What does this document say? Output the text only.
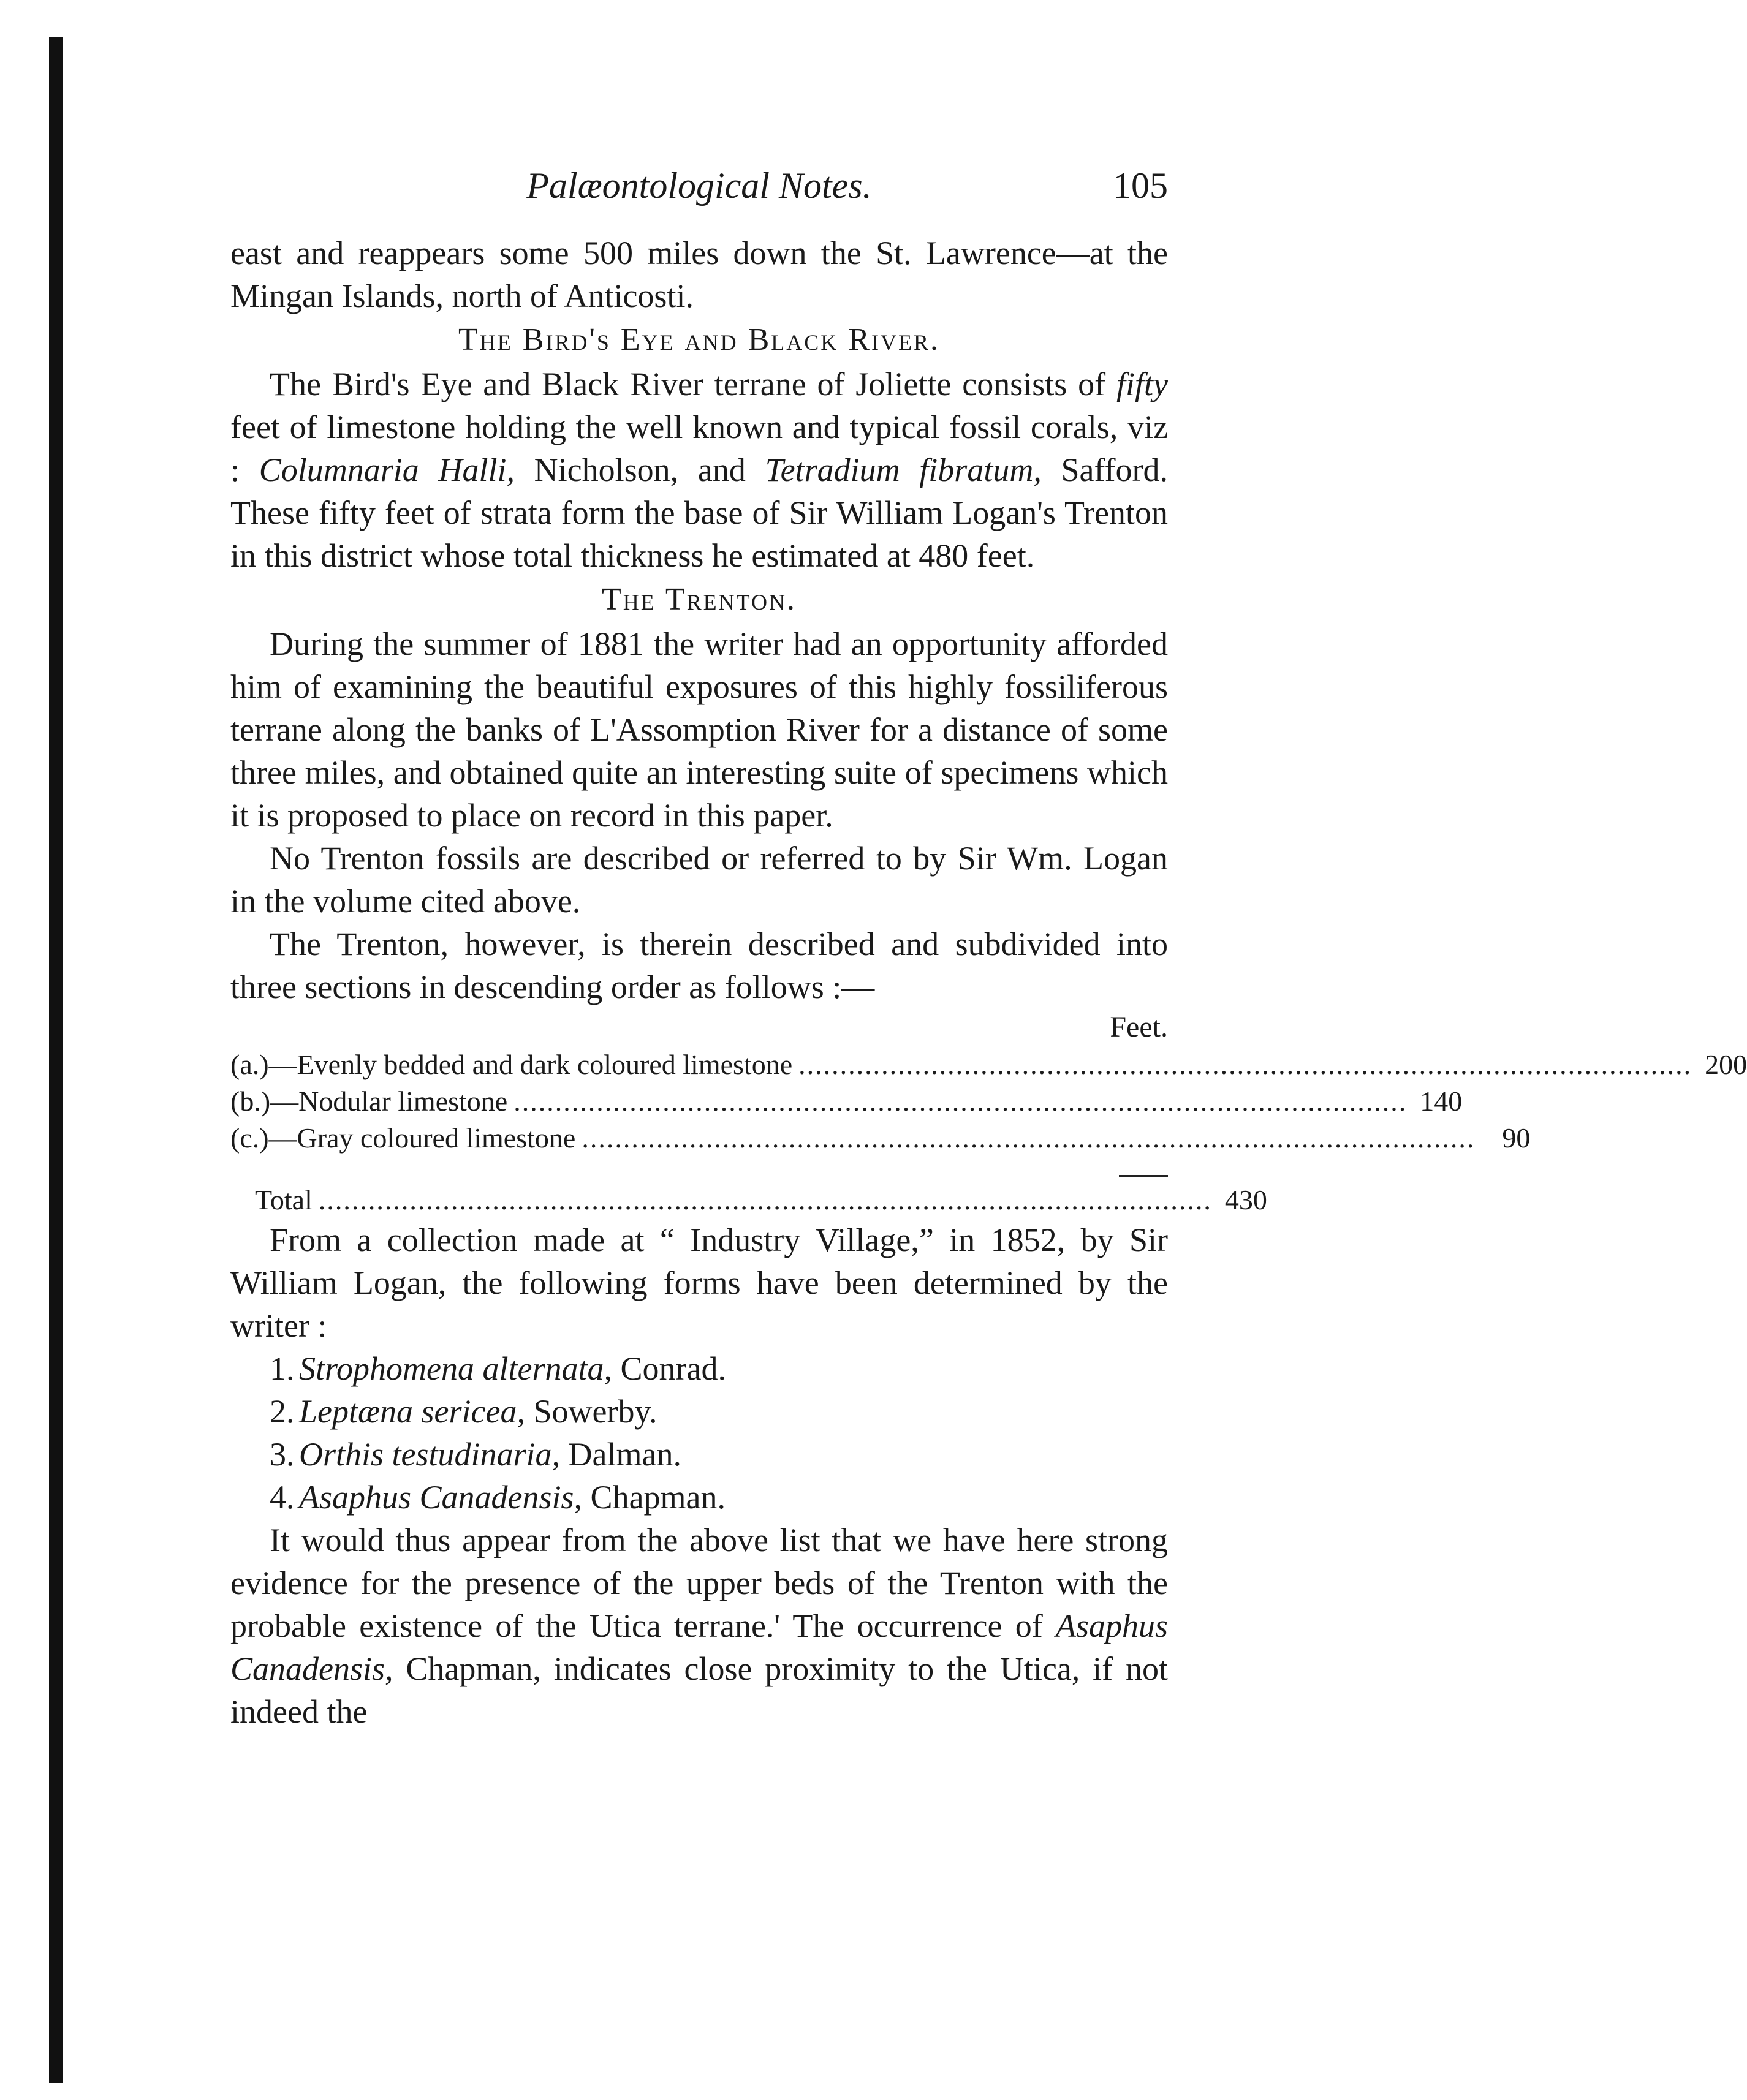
Palæontological Notes.	105

east and reappears some 500 miles down the St. Lawrence—at the Mingan Islands, north of Anticosti.

The Bird's Eye and Black River.

The Bird's Eye and Black River terrane of Joliette consists of fifty feet of limestone holding the well known and typical fossil corals, viz : Columnaria Halli, Nicholson, and Tetradium fibratum, Safford. These fifty feet of strata form the base of Sir William Logan's Trenton in this district whose total thickness he estimated at 480 feet.

The Trenton.

During the summer of 1881 the writer had an opportunity afforded him of examining the beautiful exposures of this highly fossiliferous terrane along the banks of L'Assomption River for a distance of some three miles, and obtained quite an interesting suite of specimens which it is proposed to place on record in this paper.

No Trenton fossils are described or referred to by Sir Wm. Logan in the volume cited above.

The Trenton, however, is therein described and subdivided into three sections in descending order as follows :—

Feet.
(a.)—Evenly bedded and dark coloured limestone ............................................................................................................ 200
(b.)—Nodular limestone ............................................................................................................ 140
(c.)—Gray coloured limestone ............................................................................................................ 90
Total ............................................................................................................ 430

From a collection made at “ Industry Village,” in 1852, by Sir William Logan, the following forms have been determined by the writer :

1. Strophomena alternata, Conrad.
2. Leptæna sericea, Sowerby.
3. Orthis testudinaria, Dalman.
4. Asaphus Canadensis, Chapman.

It would thus appear from the above list that we have here strong evidence for the presence of the upper beds of the Trenton with the probable existence of the Utica terrane.' The occurrence of Asaphus Canadensis, Chapman, indicates close proximity to the Utica, if not indeed the
